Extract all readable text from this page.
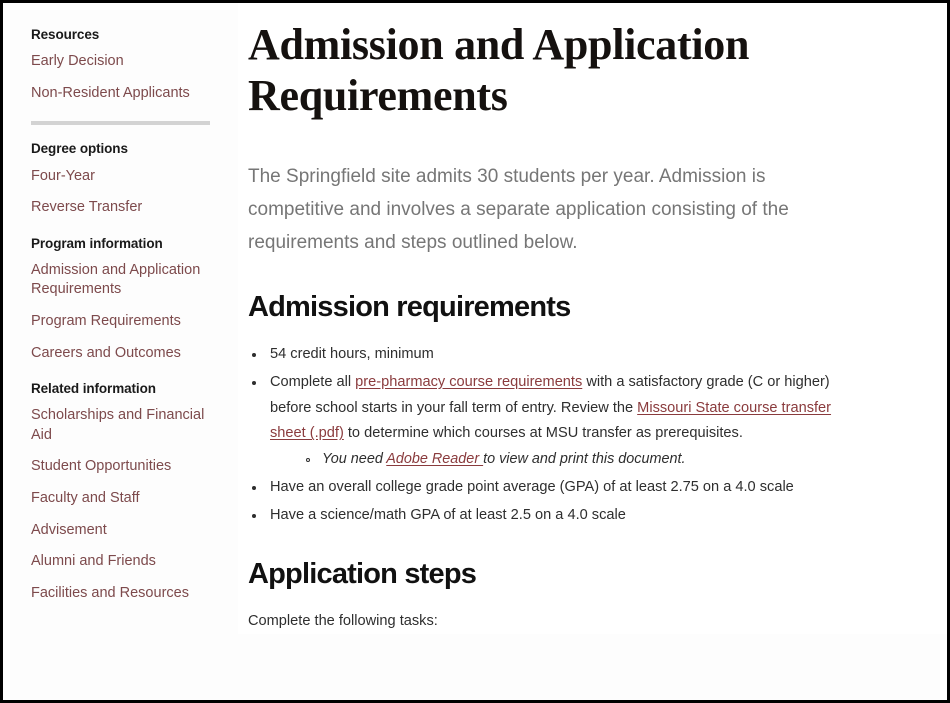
Resources
Early Decision
Non-Resident Applicants
Degree options
Four-Year
Reverse Transfer
Program information
Admission and Application Requirements
Program Requirements
Careers and Outcomes
Related information
Scholarships and Financial Aid
Student Opportunities
Faculty and Staff
Advisement
Alumni and Friends
Facilities and Resources
Admission and Application Requirements

The Springfield site admits 30 students per year. Admission is competitive and involves a separate application consisting of the requirements and steps outlined below.

Admission requirements
54 credit hours, minimum
Complete all pre-pharmacy course requirements with a satisfactory grade (C or higher) before school starts in your fall term of entry. Review the Missouri State course transfer sheet (.pdf) to determine which courses at MSU transfer as prerequisites.
You need Adobe Reader to view and print this document.
Have an overall college grade point average (GPA) of at least 2.75 on a 4.0 scale
Have a science/math GPA of at least 2.5 on a 4.0 scale
Application steps

Complete the following tasks:
